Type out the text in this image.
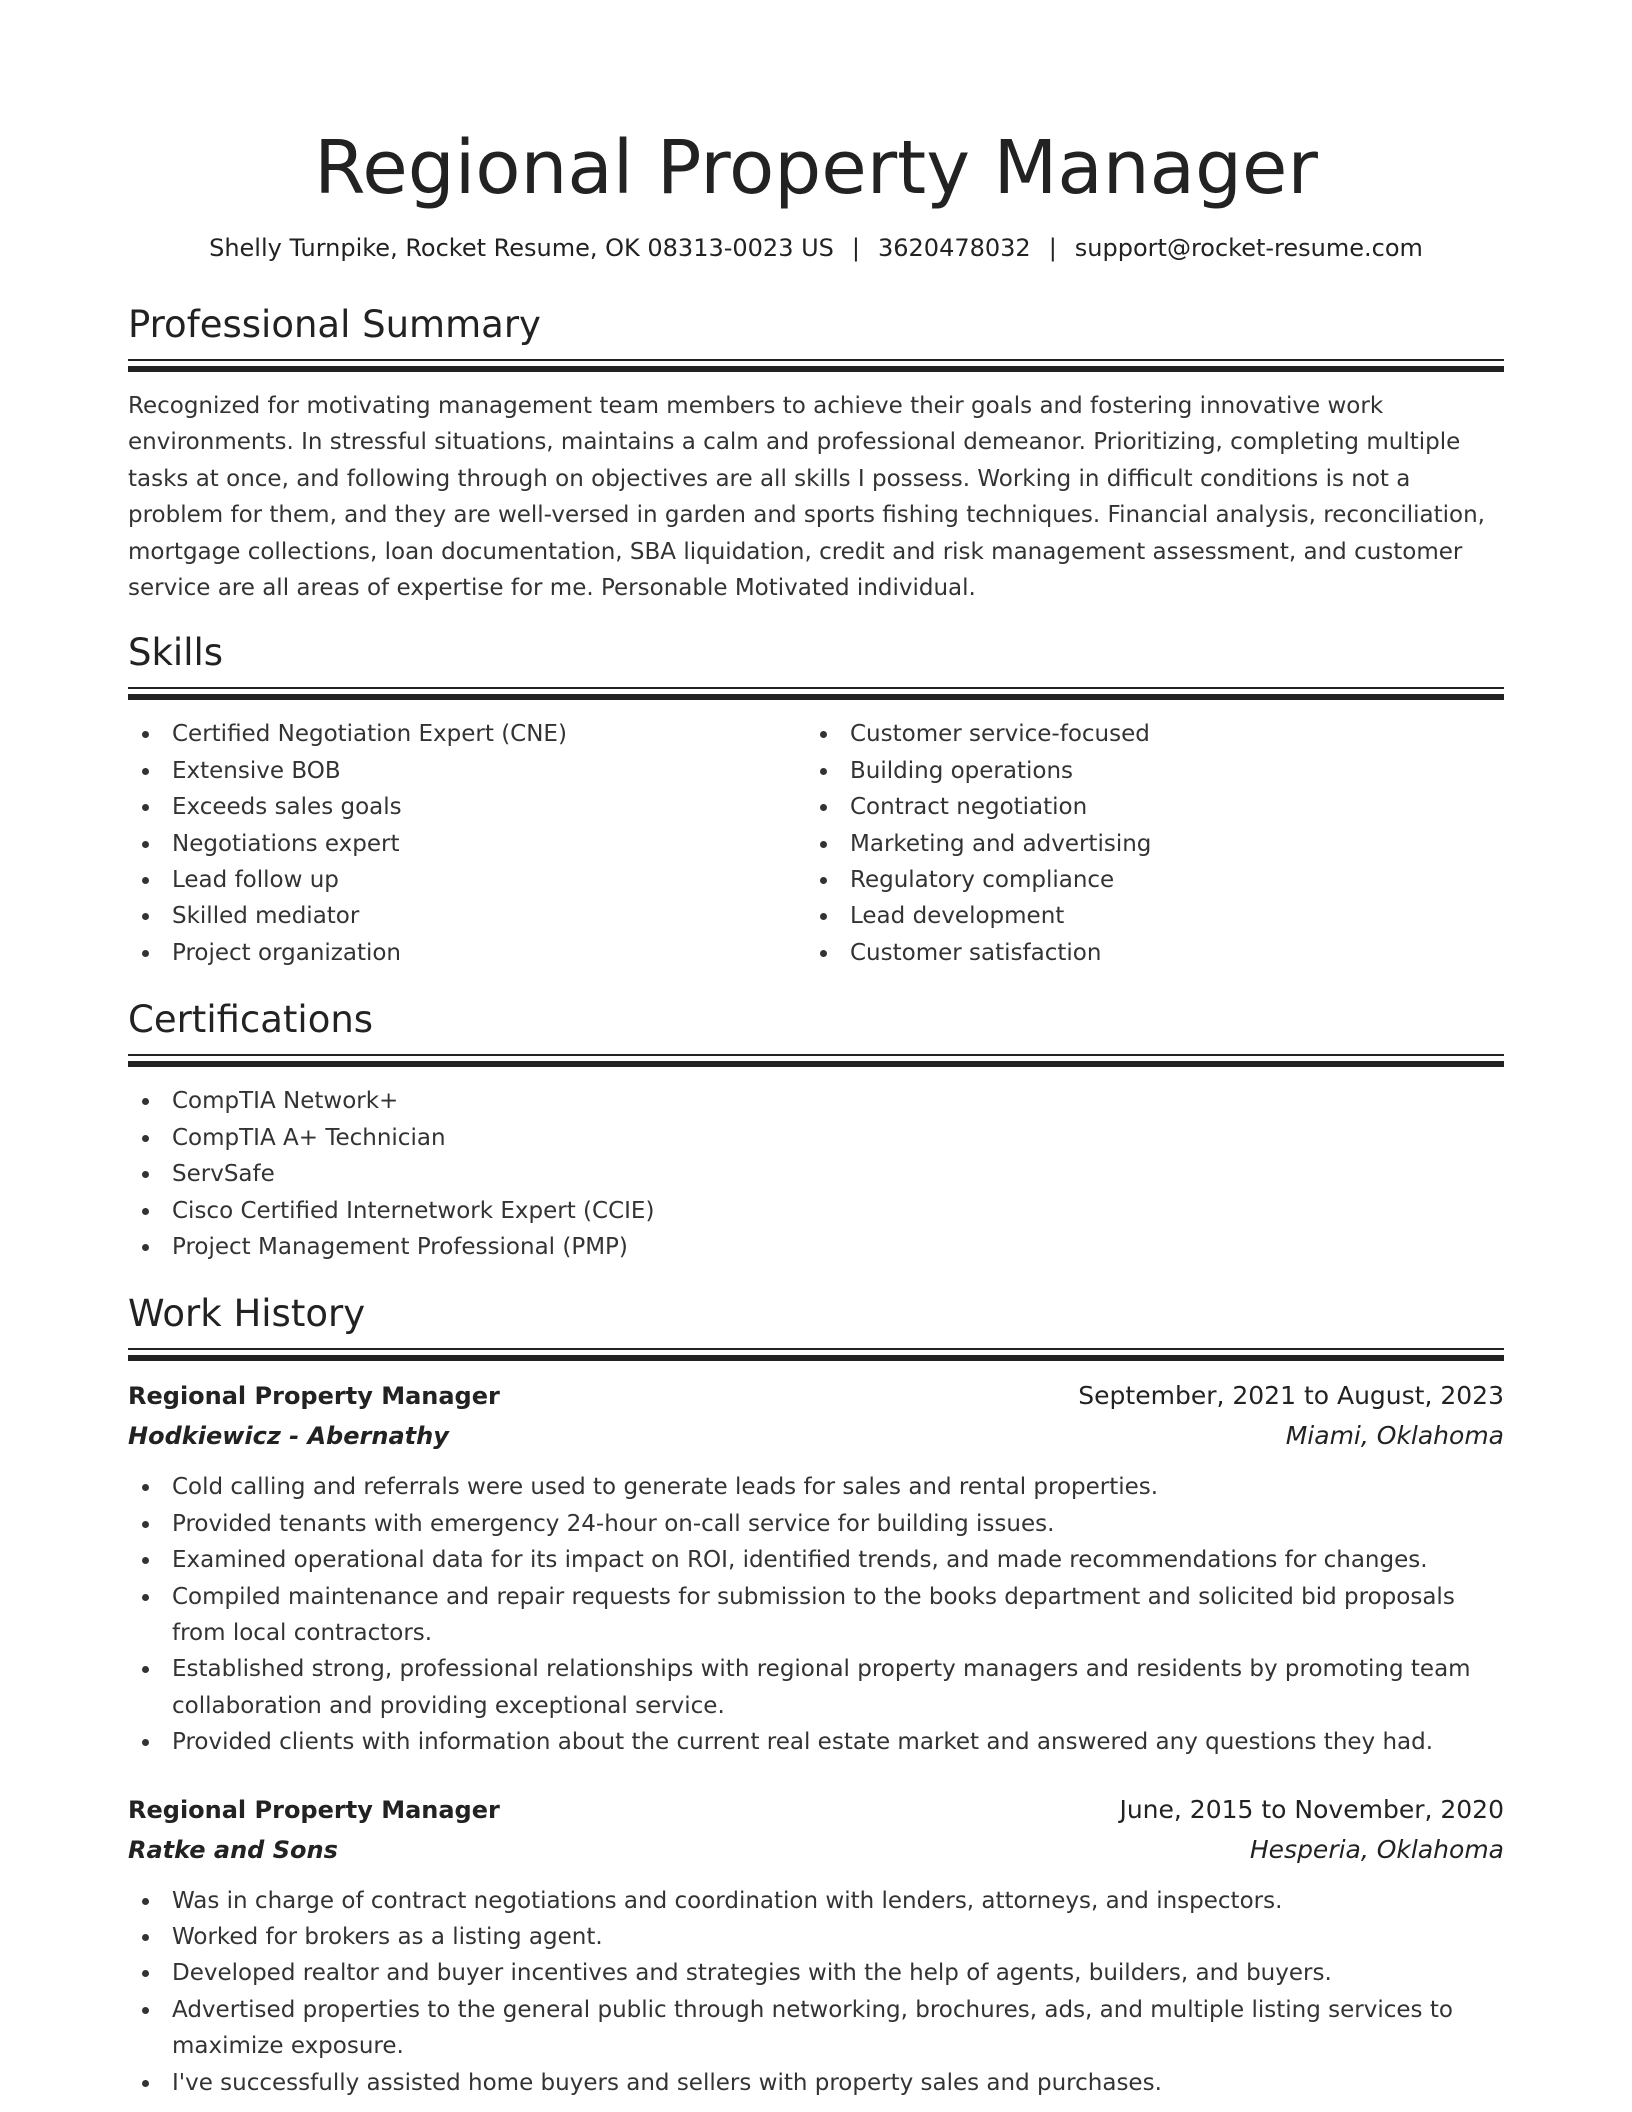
Regional Property Manager
Shelly Turnpike, Rocket Resume, OK 08313-0023 US | 3620478032 | support@rocket-resume.com
Professional Summary

Recognized for motivating management team members to achieve their goals and fostering innovative work environments. In stressful situations, maintains a calm and professional demeanor. Prioritizing, completing multiple tasks at once, and following through on objectives are all skills I possess. Working in difficult conditions is not a problem for them, and they are well-versed in garden and sports fishing techniques. Financial analysis, reconciliation, mortgage collections, loan documentation, SBA liquidation, credit and risk management assessment, and customer service are all areas of expertise for me. Personable Motivated individual.

Skills
Certified Negotiation Expert (CNE)
Extensive BOB
Exceeds sales goals
Negotiations expert
Lead follow up
Skilled mediator
Project organization
Customer service-focused
Building operations
Contract negotiation
Marketing and advertising
Regulatory compliance
Lead development
Customer satisfaction
Certifications
CompTIA Network+
CompTIA A+ Technician
ServSafe
Cisco Certified Internetwork Expert (CCIE)
Project Management Professional (PMP)
Work History
Regional Property Manager	September, 2021 to August, 2023
Hodkiewicz - Abernathy	Miami, Oklahoma
Cold calling and referrals were used to generate leads for sales and rental properties.
Provided tenants with emergency 24-hour on-call service for building issues.
Examined operational data for its impact on ROI, identified trends, and made recommendations for changes.
Compiled maintenance and repair requests for submission to the books department and solicited bid proposals from local contractors.
Established strong, professional relationships with regional property managers and residents by promoting team collaboration and providing exceptional service.
Provided clients with information about the current real estate market and answered any questions they had.
Regional Property Manager	June, 2015 to November, 2020
Ratke and Sons	Hesperia, Oklahoma
Was in charge of contract negotiations and coordination with lenders, attorneys, and inspectors.
Worked for brokers as a listing agent.
Developed realtor and buyer incentives and strategies with the help of agents, builders, and buyers.
Advertised properties to the general public through networking, brochures, ads, and multiple listing services to maximize exposure.
I've successfully assisted home buyers and sellers with property sales and purchases.
